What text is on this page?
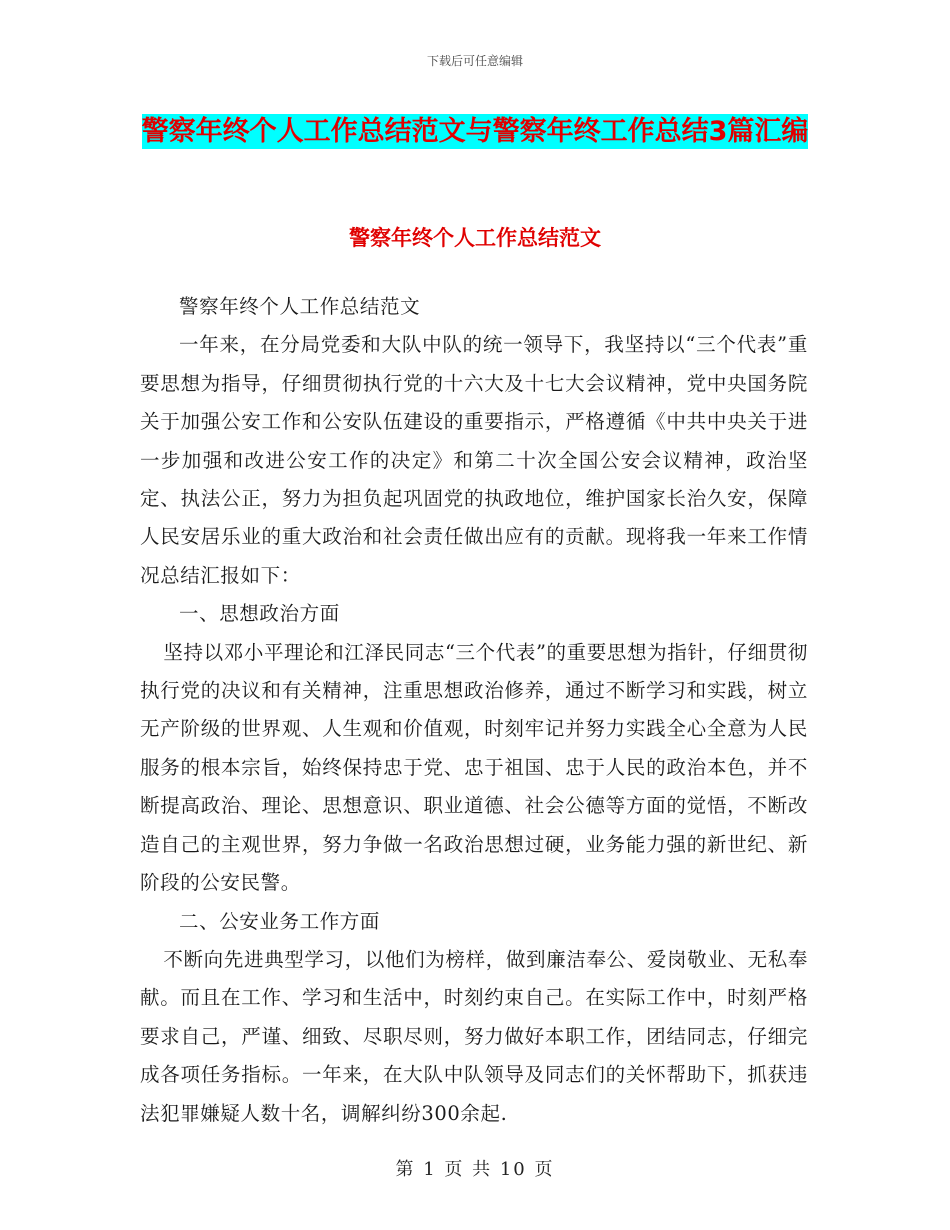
下载后可任意编辑
警察年终个人工作总结范文与警察年终工作总结3篇汇编
警察年终个人工作总结范文

警察年终个人工作总结范文

一年来，在分局党委和大队中队的统一领导下，我坚持以“三个代表”重要思想为指导，仔细贯彻执行党的十六大及十七大会议精神，党中央国务院关于加强公安工作和公安队伍建设的重要指示，严格遵循《中共中央关于进一步加强和改进公安工作的决定》和第二十次全国公安会议精神，政治坚定、执法公正，努力为担负起巩固党的执政地位，维护国家长治久安，保障人民安居乐业的重大政治和社会责任做出应有的贡献。现将我一年来工作情况总结汇报如下：

一、思想政治方面

坚持以邓小平理论和江泽民同志“三个代表”的重要思想为指针，仔细贯彻执行党的决议和有关精神，注重思想政治修养，通过不断学习和实践，树立无产阶级的世界观、人生观和价值观，时刻牢记并努力实践全心全意为人民服务的根本宗旨，始终保持忠于党、忠于祖国、忠于人民的政治本色，并不断提高政治、理论、思想意识、职业道德、社会公德等方面的觉悟，不断改造自己的主观世界，努力争做一名政治思想过硬，业务能力强的新世纪、新阶段的公安民警。

二、公安业务工作方面

不断向先进典型学习，以他们为榜样，做到廉洁奉公、爱岗敬业、无私奉献。而且在工作、学习和生活中，时刻约束自己。在实际工作中，时刻严格要求自己，严谨、细致、尽职尽则，努力做好本职工作，团结同志，仔细完成各项任务指标。一年来，在大队中队领导及同志们的关怀帮助下，抓获违法犯罪嫌疑人数十名，调解纠纷300余起.

第 1 页 共 10 页
